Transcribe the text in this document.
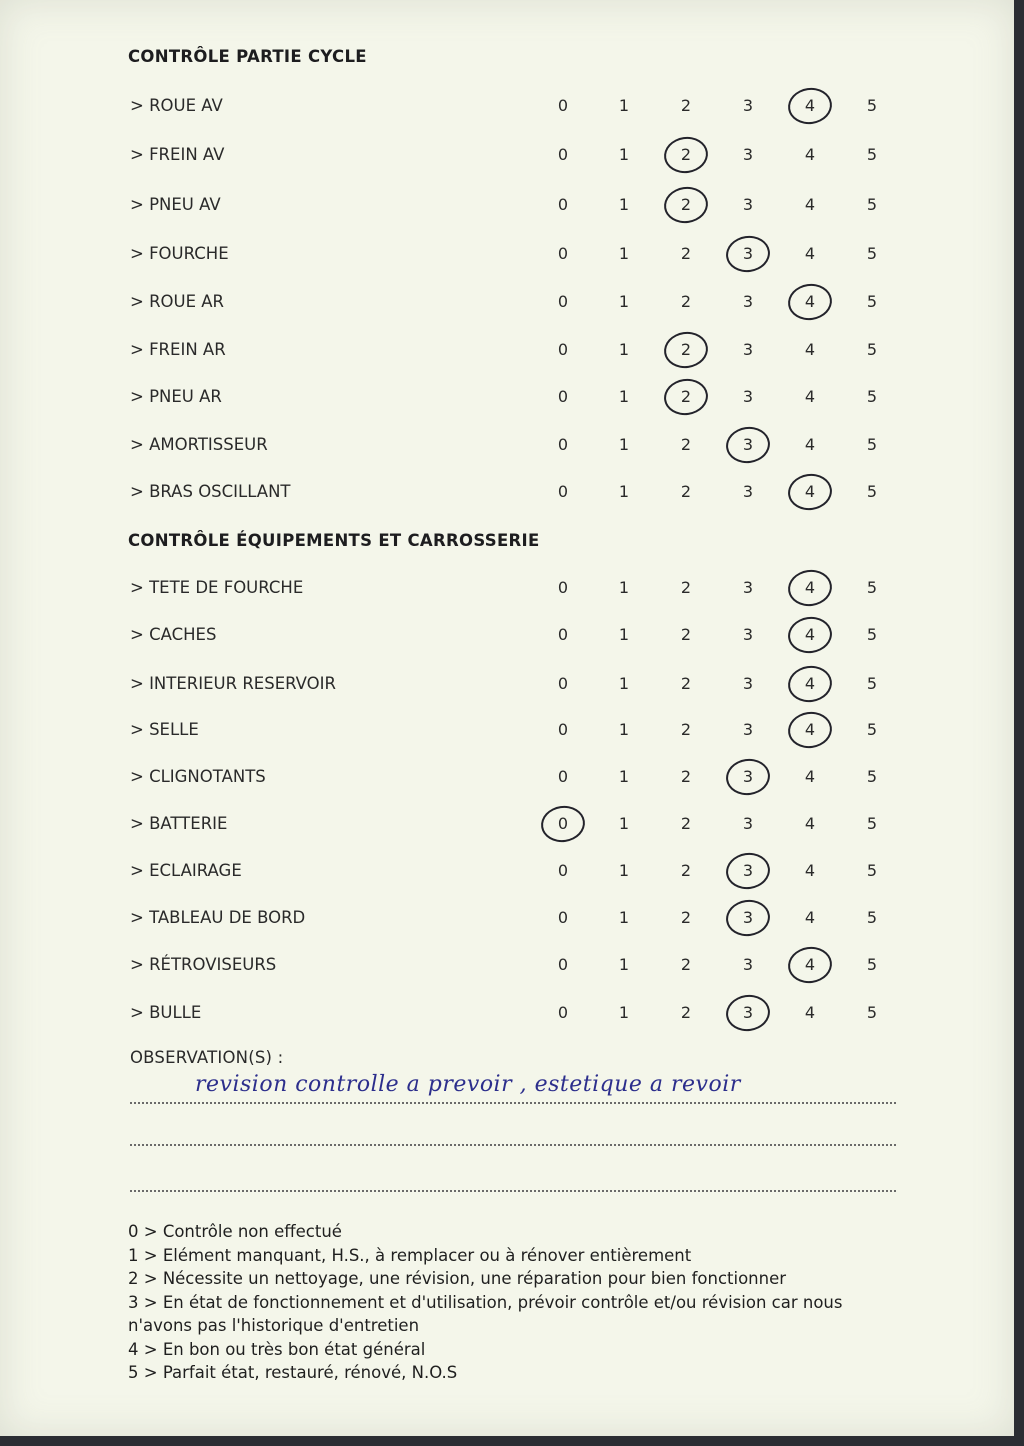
OBSERVATION(S) :
revision controlle a prevoir , estetique a revoir
0 > Contrôle non effectué
1 > Elément manquant, H.S., à remplacer ou à rénover entièrement
2 > Nécessite un nettoyage, une révision, une réparation pour bien fonctionner
3 > En état de fonctionnement et d'utilisation, prévoir contrôle et/ou révision car nous n'avons pas l'historique d'entretien
4 > En bon ou très bon état général
5 > Parfait état, restauré, rénové, N.O.S
CONTRÔLE PARTIE CYCLE
> ROUE AV	0	1	2	3	4	5
> FREIN AV	0	1	2	3	4	5
> PNEU AV	0	1	2	3	4	5
> FOURCHE	0	1	2	3	4	5
> ROUE AR	0	1	2	3	4	5
> FREIN AR	0	1	2	3	4	5
> PNEU AR	0	1	2	3	4	5
> AMORTISSEUR	0	1	2	3	4	5
> BRAS OSCILLANT	0	1	2	3	4	5
CONTRÔLE ÉQUIPEMENTS ET CARROSSERIE
> TETE DE FOURCHE	0	1	2	3	4	5
> CACHES	0	1	2	3	4	5
> INTERIEUR RESERVOIR	0	1	2	3	4	5
> SELLE	0	1	2	3	4	5
> CLIGNOTANTS	0	1	2	3	4	5
> BATTERIE	0	1	2	3	4	5
> ECLAIRAGE	0	1	2	3	4	5
> TABLEAU DE BORD	0	1	2	3	4	5
> RÉTROVISEURS	0	1	2	3	4	5
> BULLE	0	1	2	3	4	5
